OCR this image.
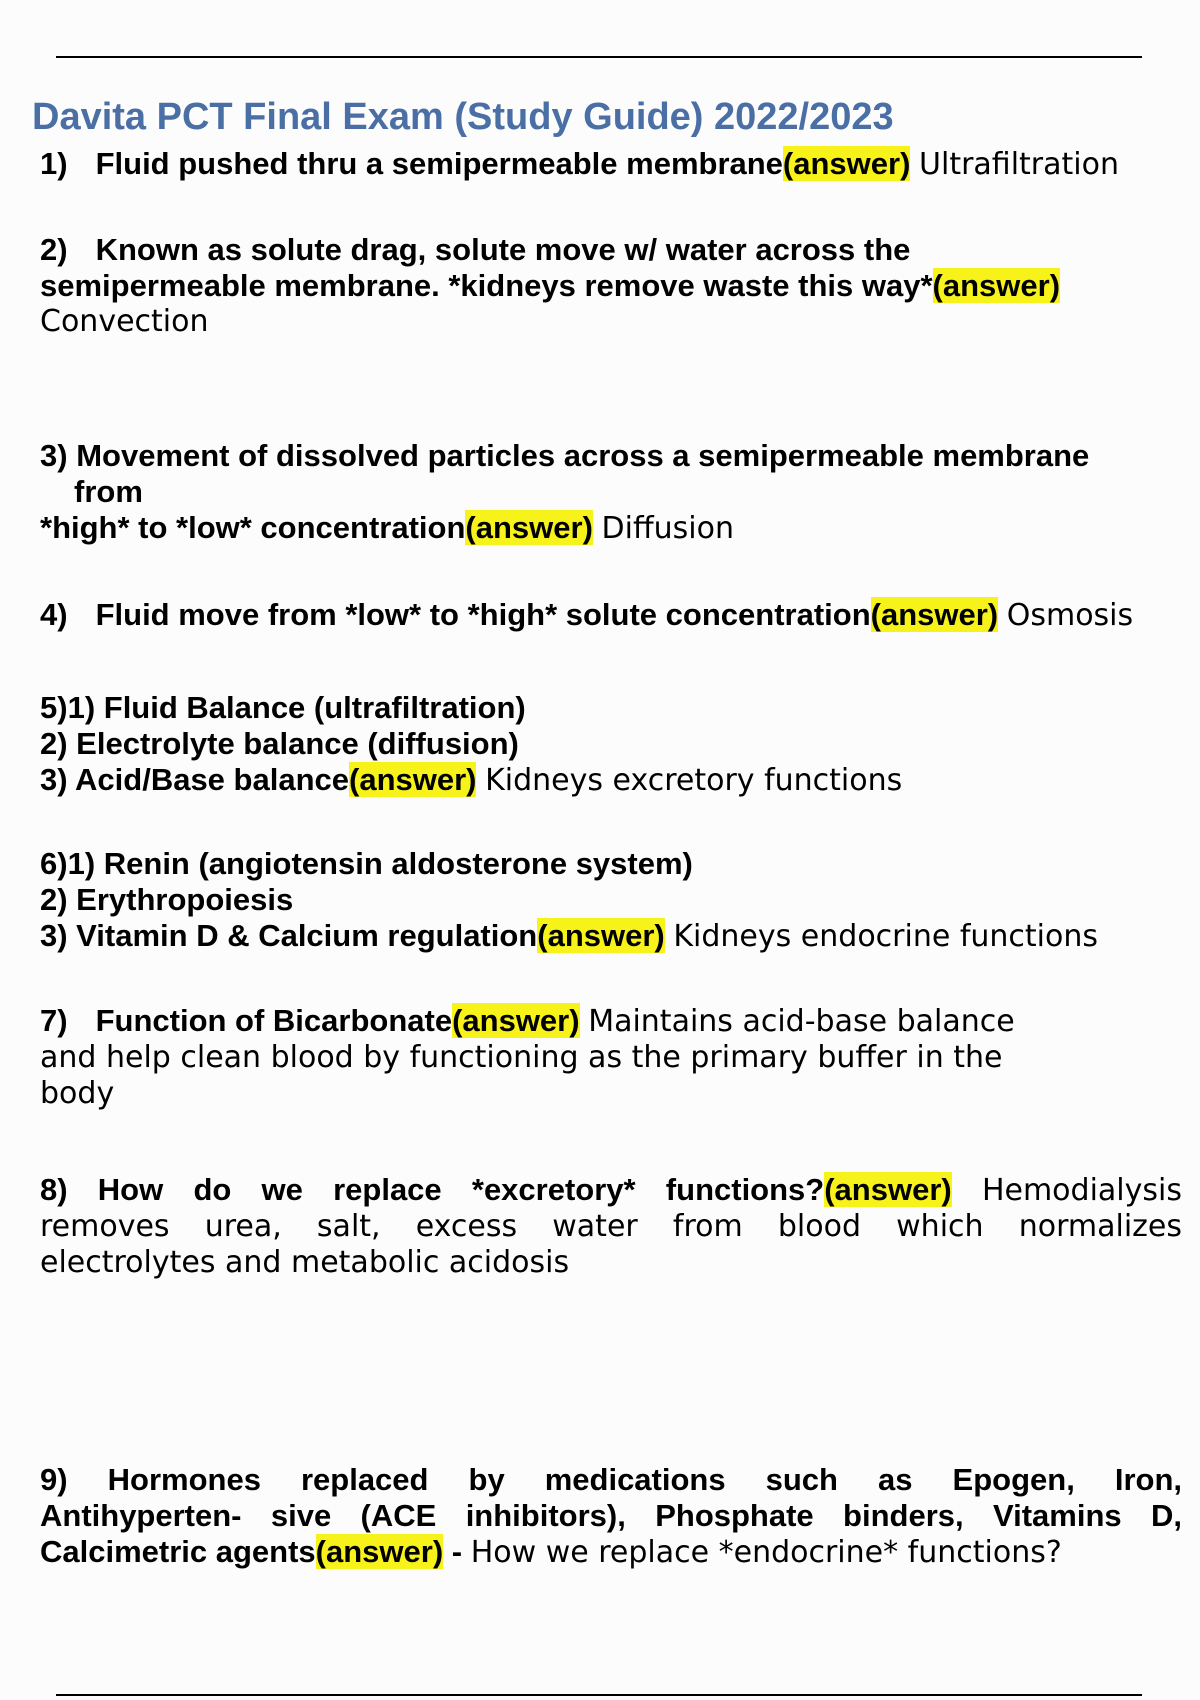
Davita PCT Final Exam (Study Guide) 2022/2023
1) Fluid pushed thru a semipermeable membrane(answer) Ultrafiltration
2) Known as solute drag, solute move w/ water across the
semipermeable membrane. *kidneys remove waste this way*(answer)
Convection
3) Movement of dissolved particles across a semipermeable membrane
from
*high* to *low* concentration(answer) Diffusion
4) Fluid move from *low* to *high* solute concentration(answer) Osmosis
5)1) Fluid Balance (ultrafiltration)
2) Electrolyte balance (diffusion)
3) Acid/Base balance(answer) Kidneys excretory functions
6)1) Renin (angiotensin aldosterone system)
2) Erythropoiesis
3) Vitamin D & Calcium regulation(answer) Kidneys endocrine functions
7) Function of Bicarbonate(answer) Maintains acid-base balance
and help clean blood by functioning as the primary buffer in the
body
8) How do we replace *excretory* functions?(answer) Hemodialysis
removes urea, salt, excess water from blood which normalizes
electrolytes and metabolic acidosis
9) Hormones replaced by medications such as Epogen, Iron,
Antihyperten- sive (ACE inhibitors), Phosphate binders, Vitamins D,
Calcimetric agents(answer) - How we replace *endocrine* functions?
